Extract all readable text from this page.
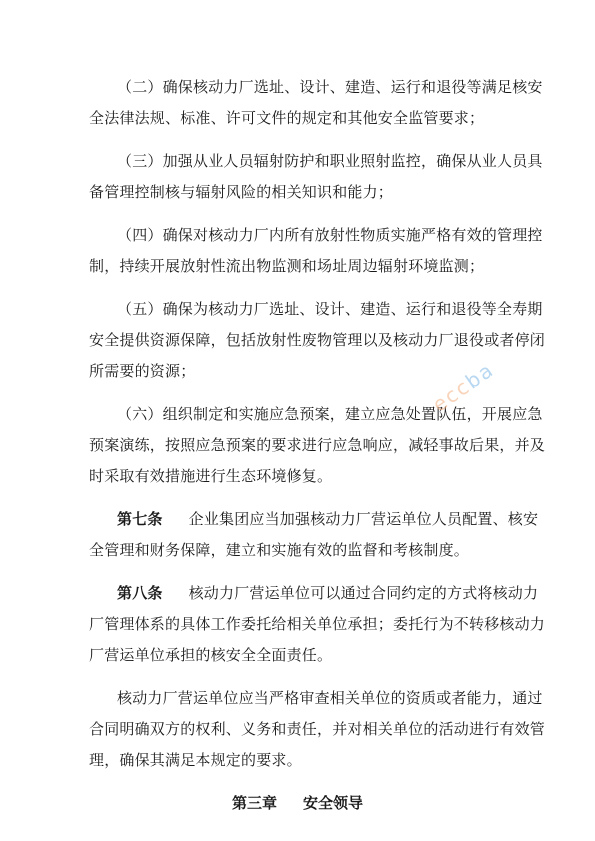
（二）确保核动力厂选址、设计、建造、运行和退役等满足核安
全法律法规、标准、许可文件的规定和其他安全监管要求；
（三）加强从业人员辐射防护和职业照射监控，确保从业人员具
备管理控制核与辐射风险的相关知识和能力；
（四）确保对核动力厂内所有放射性物质实施严格有效的管理控
制，持续开展放射性流出物监测和场址周边辐射环境监测；
（五）确保为核动力厂选址、设计、建造、运行和退役等全寿期
安全提供资源保障，包括放射性废物管理以及核动力厂退役或者停闭
所需要的资源；
（六）组织制定和实施应急预案，建立应急处置队伍，开展应急
预案演练，按照应急预案的要求进行应急响应，减轻事故后果，并及
时采取有效措施进行生态环境修复。
第七条 企业集团应当加强核动力厂营运单位人员配置、核安
全管理和财务保障，建立和实施有效的监督和考核制度。
第八条 核动力厂营运单位可以通过合同约定的方式将核动力
厂管理体系的具体工作委托给相关单位承担；委托行为不转移核动力
厂营运单位承担的核安全全面责任。
核动力厂营运单位应当严格审查相关单位的资质或者能力，通过
合同明确双方的权利、义务和责任，并对相关单位的活动进行有效管
理，确保其满足本规定的要求。
第三章 安全领导
eccba
